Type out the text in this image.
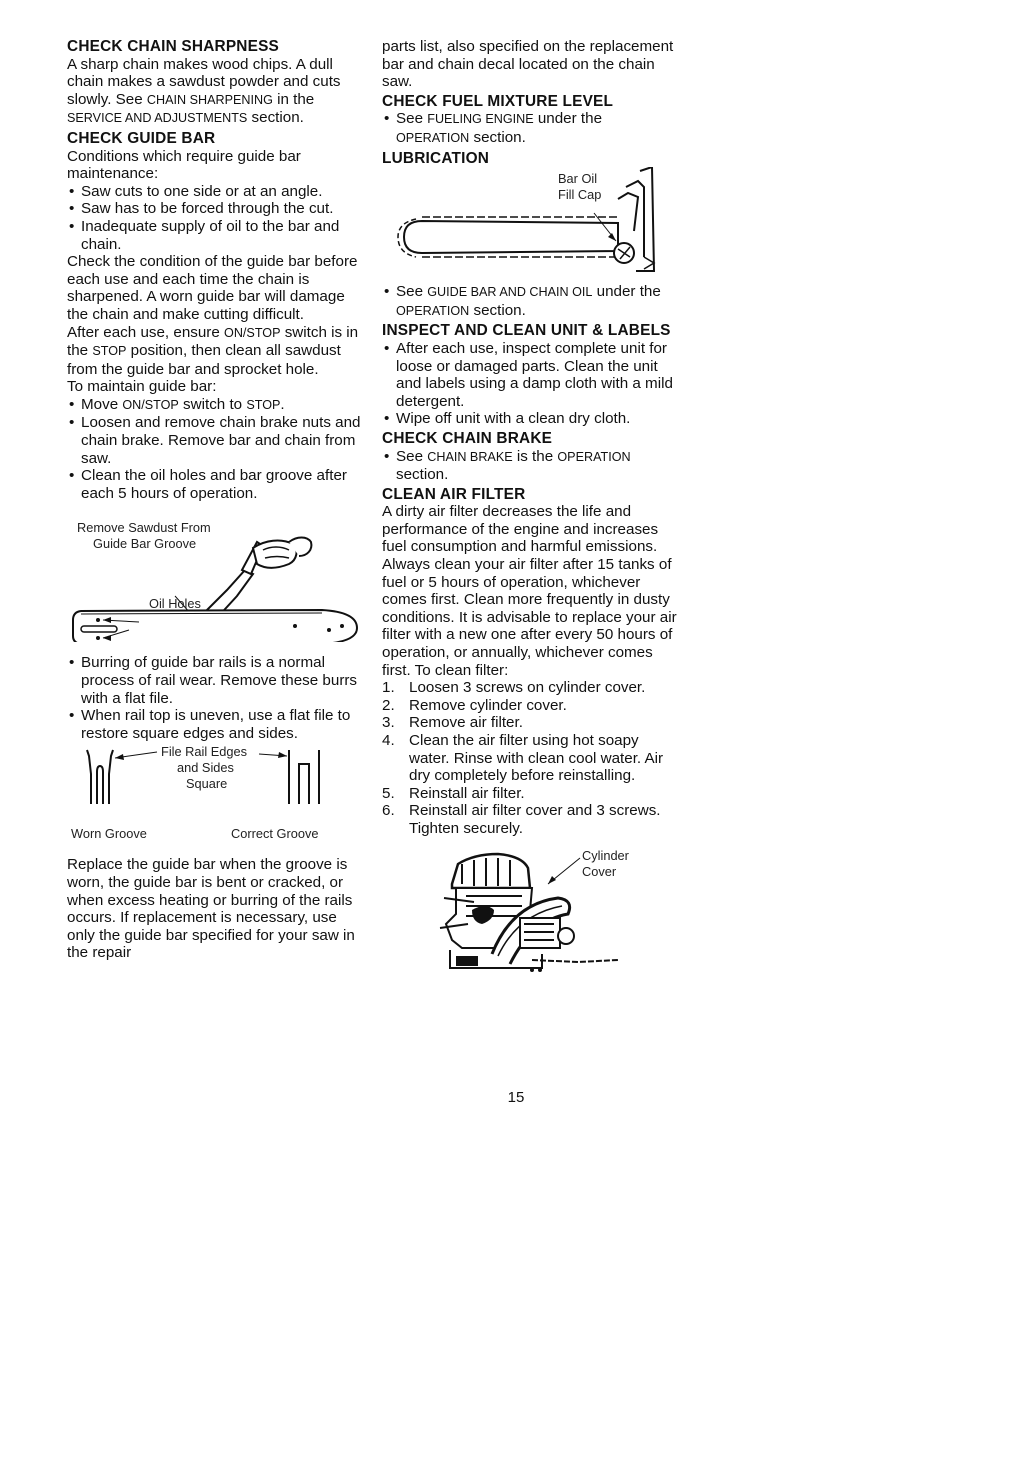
CHECK CHAIN SHARPNESS

A sharp chain makes wood chips. A dull chain makes a sawdust powder and cuts slowly. See CHAIN SHARPENING in the SERVICE AND ADJUSTMENTS section.

CHECK GUIDE BAR

Conditions which require guide bar maintenance:

• Saw cuts to one side or at an angle.
• Saw has to be forced through the cut.
• Inadequate supply of oil to the bar and chain.

Check the condition of the guide bar before each use and each time the chain is sharpened. A worn guide bar will damage the chain and make cutting difficult.

After each use, ensure ON/STOP switch is in the STOP position, then clean all sawdust from the guide bar and sprocket hole.

To maintain guide bar:

• Move ON/STOP switch to STOP.
• Loosen and remove chain brake nuts and chain brake. Remove bar and chain from saw.
• Clean the oil holes and bar groove after each 5 hours of operation.
Remove Sawdust From
Guide Bar Groove
Oil Holes
• Burring of guide bar rails is a normal process of rail wear. Remove these burrs with a flat file.
• When rail top is uneven, use a flat file to restore square edges and sides.
File Rail Edges
and Sides
Square
Worn Groove	Correct Groove

Replace the guide bar when the groove is worn, the guide bar is bent or cracked, or when excess heating or burring of the rails occurs. If replacement is necessary, use only the guide bar specified for your saw in the repair

parts list, also specified on the replacement bar and chain decal located on the chain saw.

CHECK FUEL MIXTURE LEVEL
• See FUELING ENGINE under the OPERATION section.
LUBRICATION
Bar Oil
Fill Cap
• See GUIDE BAR AND CHAIN OIL under the OPERATION section.
INSPECT AND CLEAN UNIT & LABELS
• After each use, inspect complete unit for loose or damaged parts. Clean the unit and labels using a damp cloth with a mild detergent.
• Wipe off unit with a clean dry cloth.
CHECK CHAIN BRAKE
• See CHAIN BRAKE is the OPERATION section.
CLEAN AIR FILTER

A dirty air filter decreases the life and performance of the engine and increases fuel consumption and harmful emissions. Always clean your air filter after 15 tanks of fuel or 5 hours of operation, whichever comes first. Clean more frequently in dusty conditions. It is advisable to replace your air filter with a new one after every 50 hours of operation, or annually, whichever comes first. To clean filter:

1. Loosen 3 screws on cylinder cover.
2. Remove cylinder cover.
3. Remove air filter.
4. Clean the air filter using hot soapy water. Rinse with clean cool water. Air dry completely before reinstalling.
5. Reinstall air filter.
6. Reinstall air filter cover and 3 screws. Tighten securely.
Cylinder
Cover
15
